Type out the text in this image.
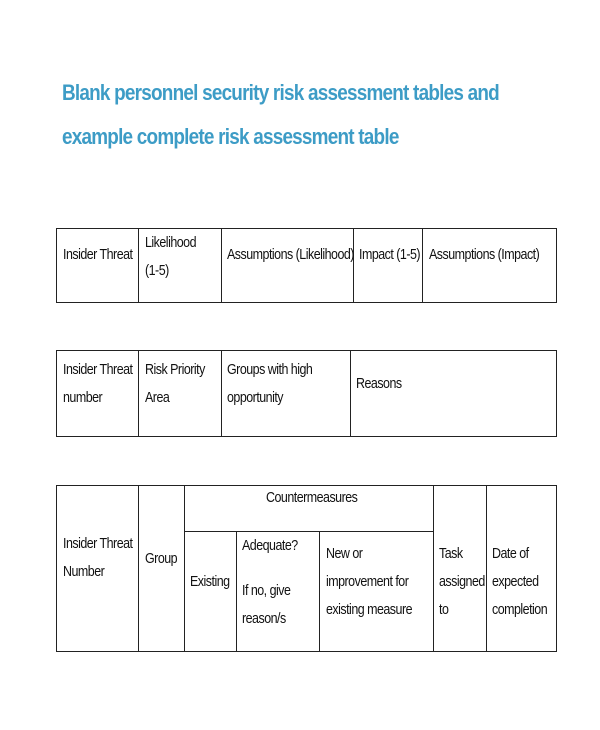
Blank personnel security risk assessment tables and
example complete risk assessment table
Insider Threat
Likelihood
(1-5)
Assumptions (Likelihood) Impact (1-5) Assumptions (Impact)
Insider Threat
number
Risk Priority
Area
Groups with high
opportunity
Reasons
Insider Threat
Number
Group
Countermeasures
Existing
Adequate?
If no, give
reason/s
New or
improvement for
existing measure
Task
assigned
to
Date of
expected
completion
